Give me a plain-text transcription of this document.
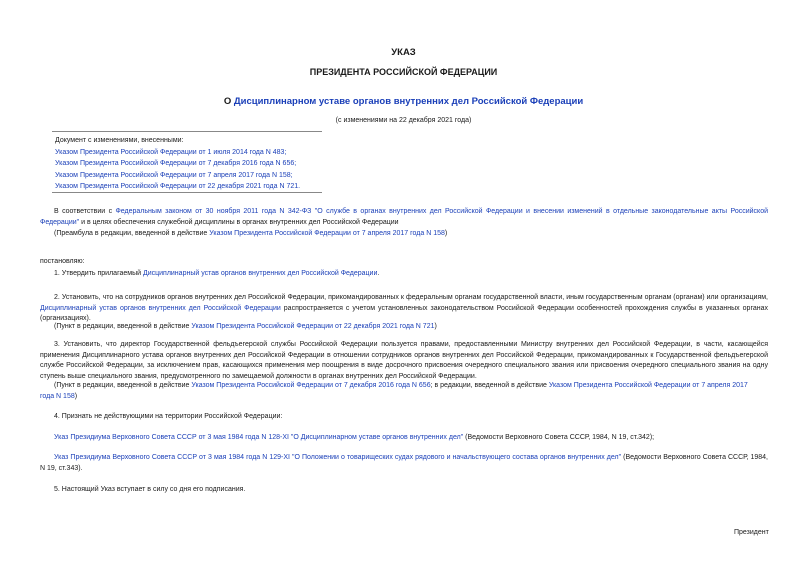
УКАЗ
ПРЕЗИДЕНТА РОССИЙСКОЙ ФЕДЕРАЦИИ
О Дисциплинарном уставе органов внутренних дел Российской Федерации
(с изменениями на 22 декабря 2021 года)
Документ с изменениями, внесенными:
Указом Президента Российской Федерации от 1 июля 2014 года N 483;
Указом Президента Российской Федерации от 7 декабря 2016 года N 656;
Указом Президента Российской Федерации от 7 апреля 2017 года N 158;
Указом Президента Российской Федерации от 22 декабря 2021 года N 721.
В соответствии с Федеральным законом от 30 ноября 2011 года N 342-ФЗ "О службе в органах внутренних дел Российской Федерации и внесении изменений в отдельные законодательные акты Российской Федерации" и в целях обеспечения служебной дисциплины в органах внутренних дел Российской Федерации
(Преамбула в редакции, введенной в действие Указом Президента Российской Федерации от 7 апреля 2017 года N 158)
постановляю:
1. Утвердить прилагаемый Дисциплинарный устав органов внутренних дел Российской Федерации.
2. Установить, что на сотрудников органов внутренних дел Российской Федерации, прикомандированных к федеральным органам государственной власти, иным государственным органам (органам) или организациям, Дисциплинарный устав органов внутренних дел Российской Федерации распространяется с учетом установленных законодательством Российской Федерации особенностей прохождения службы в указанных органах (организациях).
(Пункт в редакции, введенной в действие Указом Президента Российской Федерации от 22 декабря 2021 года N 721)
3. Установить, что директор Государственной фельдъегерской службы Российской Федерации пользуется правами, предоставленными Министру внутренних дел Российской Федерации, в части, касающейся применения Дисциплинарного устава органов внутренних дел Российской Федерации в отношении сотрудников органов внутренних дел Российской Федерации, прикомандированных к Государственной фельдъегерской службе Российской Федерации, за исключением прав, касающихся применения мер поощрения в виде досрочного присвоения очередного специального звания или присвоения очередного специального звания на одну ступень выше специального звания, предусмотренного по замещаемой должности в органах внутренних дел Российской Федерации.
(Пункт в редакции, введенной в действие Указом Президента Российской Федерации от 7 декабря 2016 года N 656; в редакции, введенной в действие Указом Президента Российской Федерации от 7 апреля 2017
года N 158)
4. Признать не действующими на территории Российской Федерации:
Указ Президиума Верховного Совета СССР от 3 мая 1984 года N 128-XI "О Дисциплинарном уставе органов внутренних дел" (Ведомости Верховного Совета СССР, 1984, N 19, ст.342);
Указ Президиума Верховного Совета СССР от 3 мая 1984 года N 129-XI "О Положении о товарищеских судах рядового и начальствующего состава органов внутренних дел" (Ведомости Верховного Совета СССР, 1984, N 19, ст.343).
5. Настоящий Указ вступает в силу со дня его подписания.
Президент
